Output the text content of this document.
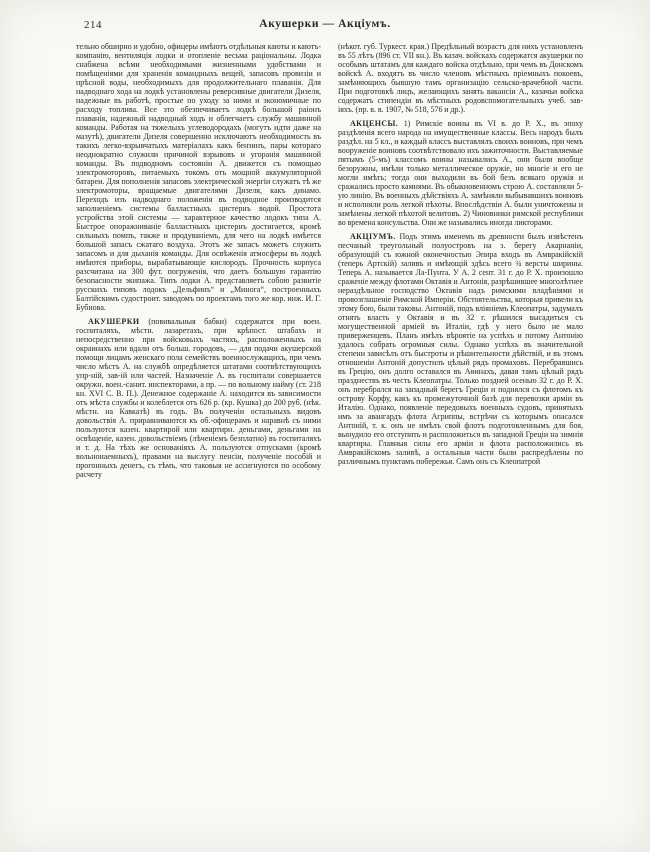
214	Акушерки — Акціумъ.

тельно обширно и удобно, офицеры имѣютъ отдѣльныя каюты и каютъ-компанію, вентиляція лодки и отопленіе весьма раціональны. Лодка снабжена всѣми необходимыми жизненными удобствами и помѣщеніями для храненія командныхъ вещей, запасовъ провизіи и прѣсной воды, необходимыхъ для продолжительнаго плаванія. Для надводнаго хода на лодкѣ установлены реверсивные двигатели Дизеля, надежные въ работѣ, простые по уходу за ними и экономичные по расходу топлива. Все это обезпечиваетъ лодкѣ большой раіонъ плаванія, надежный надводный ходъ и облегчаетъ службу машинной команды. Работая на тяжелыхъ углеводородахъ (могутъ идти даже на мазутѣ), двигатели Дизеля совершенно исключаютъ необходимость въ такихъ легко-взрывчатыхъ матеріалахъ какъ бензинъ, пары котораго неоднократно служили причиной взрывовъ и угоранія машинной команды. Въ подводномъ состояніи А. движется съ помощью электромоторовъ, питаемыхъ токомъ отъ мощной аккумуляторной батареи. Для пополненія запасовъ электрической энергіи служатъ тѣ же электромоторы, вращаемые двигателями Дизеля, какъ динамо. Переходъ изъ надводнаго положенія въ подводное производится заполненіемъ системы балластныхъ цистернъ водой. Простота устройства этой системы — характерное качество лодокъ типа А. Быстрое опоражниваніе балластныхъ цистернъ достигается, кромѣ сильныхъ помпъ, также и продуваніемъ, для чего на лодкѣ имѣется большой запасъ сжатаго воздуха. Этотъ же запасъ можетъ служить запасомъ и для дыханія команды. Для освѣженія атмосферы въ лодкѣ имѣются приборы, вырабатывающіе кислородъ. Прочность корпуса разсчитана на 300 фут. погруженія, что даетъ большую гарантію безопасности экипажа. Типъ лодки А. представляетъ собою развитіе русскихъ типовъ лодокъ „Дельфинъ“ и „Минога“, построенныхъ Балтійскимъ судостроит. заводомъ по проектамъ того же кор. инж. И. Г. Бубнова.

АКУШЕРКИ (повивальныя бабки) содержатся при воен. госпиталяхъ, мѣстн. лазаретахъ, при крѣпост. штабахъ и непосредственно при войсковыхъ частяхъ, расположенныхъ на окраинахъ или вдали отъ больш. городовъ, — для подачи акушерской помощи лицамъ женскаго пола семействъ военнослужащихъ, при чемъ число мѣстъ А. на службѣ опредѣляется штатами соотвѣтствующихъ упр-ній, зав-ій или частей. Назначеніе А. въ госпитали совершается окружн. воен.-санит. инспекторами, а пр. — по вольному найму (ст. 218 кн. XVI С. В. П.). Денежное содержаніе А. находится въ зависимости отъ мѣста службы и колеблется отъ 626 р. (кр. Кушка) до 200 руб. (нѣк. мѣстн. на Кавказѣ) въ годъ. Въ полученіи остальныхъ видовъ довольствія А. приравниваются къ об.-офицерамъ и наравнѣ съ ними пользуются казен. квартирой или квартирн. деньгами, деньгами на освѣщеніе, казен. довольствіемъ (лѣченіемъ безплатно) въ госпиталяхъ и т. д. На тѣхъ же основаніяхъ А. пользуются отпусками (кромѣ вольнонаемныхъ), правами на выслугу пенсіи, полученіе пособій и прогонныхъ денегъ, съ тѣмъ, что таковыя не ассигнуются по особому расчету

(нѣкот. губ. Туркест. края.) Предѣльный возрастъ для нихъ установленъ въ 55 лѣтъ (896 ст. VII кн.). Въ казач. войскахъ содержатся акушерки по особымъ штатамъ для каждаго войска отдѣльно, при чемъ въ Донскомъ войскѣ А. входятъ въ число членовъ мѣстныхъ пріемныхъ покоевъ, замѣняющихъ бывшую тамъ организацію сельско-врачебной части. При подготовкѣ лицъ, желающихъ занять вакансіи А., казачьи войска содержатъ стипендіи въ мѣстныхъ родовспомогательныхъ учеб. зав-іяхъ. (пр. в. в. 1907, № 518, 576 и др.).

АКЦЕНСЫ. 1) Римскіе воины въ VI в. до Р. Х., въ эпоху раздѣленія всего народа на имущественные классы. Весь народъ былъ раздѣл. на 5 кл., и каждый классъ выставлялъ своихъ воиновъ, при чемъ вооруженіе воиновъ соотвѣтствовало ихъ зажиточности. Выставляемые пятымъ (5-мъ) классомъ воины назывались А., они были вообще безоружны, имѣли только металлическое оружіе, но многіе и его не могли имѣть; тогда они выходили въ бой безъ всякаго оружія и сражались просто камнями. Въ обыкновенномъ строю А. составляли 5-ую линію. Въ военныхъ дѣйствіяхъ А. замѣняли выбывавшихъ воиновъ и исполняли роль легкой пѣхоты. Впослѣдствіи А. были уничтожены и замѣнены легкой пѣхотой велитовъ. 2) Чиновники римской республики во времена консульства. Они же назывались иногда ликторами.

АКЦІУМЪ. Подъ этимъ именемъ въ древности былъ извѣстенъ песчаный треугольный полуостровъ на з. берегу Акарнаніи, образующій съ южной оконечностью Эпира входъ въ Амвракійскій (теперь Артскій) заливъ и имѣющій здѣсь всего ¾ версты ширины. Теперь А. называется Ла-Пунта. У А. 2 сент. 31 г. до Р. Х. произошло сраженіе между флотами Октавія и Антонія, разрѣшившее многолѣтнее нераздѣльное господство Октавія надъ римскими владѣніями и провозглашеніе Римской Имперіи. Обстоятельства, которыя привели къ этому бою, были таковы. Антоній, подъ вліяніемъ Клеопатры, задумалъ отнять власть у Октавія и въ 32 г. рѣшился высадиться съ могущественной арміей въ Италіи, гдѣ у него было не мало приверженцевъ. Планъ имѣлъ вѣроятіе на успѣхъ и потому Антонію удалось собрать огромныя силы. Однако успѣхъ въ значительной степени зависѣлъ отъ быстроты и рѣшительности дѣйствій, и въ этомъ отношеніи Антоній допустилъ цѣлый рядъ промаховъ. Перебравшись въ Грецію, онъ долго оставался въ Аѳинахъ, давая тамъ цѣлый рядъ празднествъ въ честь Клеопатры. Только поздней осенью 32 г. до Р. Х. онъ перебрался на западный берегъ Греціи и поднялся съ флотомъ къ острову Корфу, какъ къ промежуточной базѣ для перевозки арміи въ Италію. Однако, появленіе передовыхъ военныхъ судовъ, принятыхъ имъ за авангардъ флота Агриппы, встрѣчи съ которымъ опасался Антоній, т. к. онъ не имѣлъ свой флотъ подготовленнымъ для боя, вынудило его отступить и расположиться въ западной Греціи на зимнія квартиры. Главныя силы его арміи и флота расположились въ Амвракійскомъ заливѣ, а остальныя части были распредѣлены по различнымъ пунктамъ побережья. Самъ онъ съ Клеопатрой
